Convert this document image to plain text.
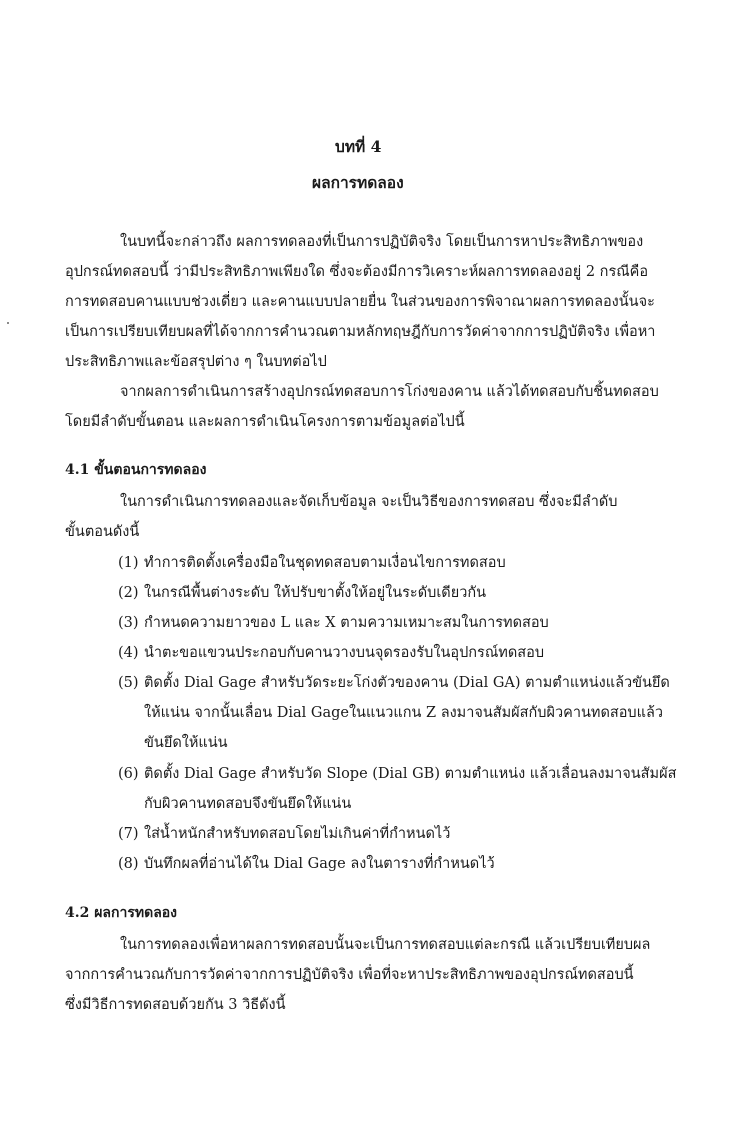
บทที่ 4
ผลการทดลอง
ในบทนี้จะกล่าวถึง ผลการทดลองที่เป็นการปฏิบัติจริง โดยเป็นการหาประสิทธิภาพของ
อุปกรณ์ทดสอบนี้ ว่ามีประสิทธิภาพเพียงใด ซึ่งจะต้องมีการวิเคราะห์ผลการทดลองอยู่ 2 กรณีคือ
การทดสอบคานแบบช่วงเดี่ยว และคานแบบปลายยื่น ในส่วนของการพิจาณาผลการทดลองนั้นจะ
เป็นการเปรียบเทียบผลที่ได้จากการคำนวณตามหลักทฤษฎีกับการวัดค่าจากการปฏิบัติจริง เพื่อหา
ประสิทธิภาพและข้อสรุปต่าง ๆ ในบทต่อไป
จากผลการดำเนินการสร้างอุปกรณ์ทดสอบการโก่งของคาน แล้วได้ทดสอบกับชิ้นทดสอบ
โดยมีลำดับขั้นตอน และผลการดำเนินโครงการตามข้อมูลต่อไปนี้
4.1 ขั้นตอนการทดลอง
ในการดำเนินการทดลองและจัดเก็บข้อมูล จะเป็นวิธีของการทดสอบ ซึ่งจะมีลำดับ
ขั้นตอนดังนี้
(1) ทำการติดตั้งเครื่องมือในชุดทดสอบตามเงื่อนไขการทดสอบ
(2) ในกรณีพื้นต่างระดับ ให้ปรับขาตั้งให้อยู่ในระดับเดียวกัน
(3) กำหนดความยาวของ L และ X ตามความเหมาะสมในการทดสอบ
(4) นำตะขอแขวนประกอบกับคานวางบนจุดรองรับในอุปกรณ์ทดสอบ
(5) ติดตั้ง Dial Gage สำหรับวัดระยะโก่งตัวของคาน (Dial GA) ตามตำแหน่งแล้วขันยึด
ให้แน่น จากนั้นเลื่อน Dial Gageในแนวแกน Z ลงมาจนสัมผัสกับผิวคานทดสอบแล้ว
ขันยึดให้แน่น
(6) ติดตั้ง Dial Gage สำหรับวัด Slope (Dial GB) ตามตำแหน่ง แล้วเลื่อนลงมาจนสัมผัส
กับผิวคานทดสอบจึงขันยึดให้แน่น
(7) ใส่น้ำหนักสำหรับทดสอบโดยไม่เกินค่าที่กำหนดไว้
(8) บันทึกผลที่อ่านได้ใน Dial Gage ลงในตารางที่กำหนดไว้
4.2 ผลการทดลอง
ในการทดลองเพื่อหาผลการทดสอบนั้นจะเป็นการทดสอบแต่ละกรณี แล้วเปรียบเทียบผล
จากการคำนวณกับการวัดค่าจากการปฏิบัติจริง เพื่อที่จะหาประสิทธิภาพของอุปกรณ์ทดสอบนี้
ซึ่งมีวิธีการทดสอบด้วยกัน 3 วิธีดังนี้
